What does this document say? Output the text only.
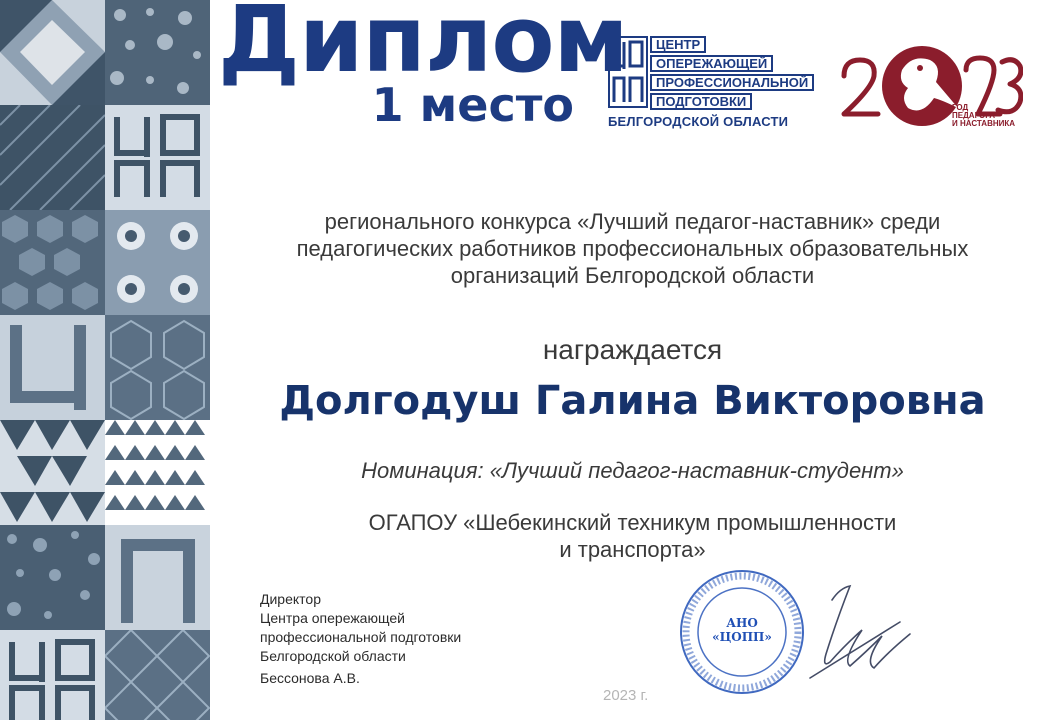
Диплом
1 место
ЦЕНТР
ОПЕРЕЖАЮЩЕЙ
ПРОФЕССИОНАЛЬНОЙ
ПОДГОТОВКИ
БЕЛГОРОДСКОЙ ОБЛАСТИ
ГОД
ПЕДАГОГА
И НАСТАВНИКА
регионального конкурса «Лучший педагог-наставник» среди
педагогических работников профессиональных образовательных
организаций Белгородской области
награждается
Долгодуш Галина Викторовна
Номинация: «Лучший педагог-наставник-студент»
ОГАПОУ «Шебекинский техникум промышленности
и транспорта»
Директор
Центра опережающей
профессиональной подготовки
Белгородской области
Бессонова А.В.
АНО
«ЦОПП»
2023 г.
